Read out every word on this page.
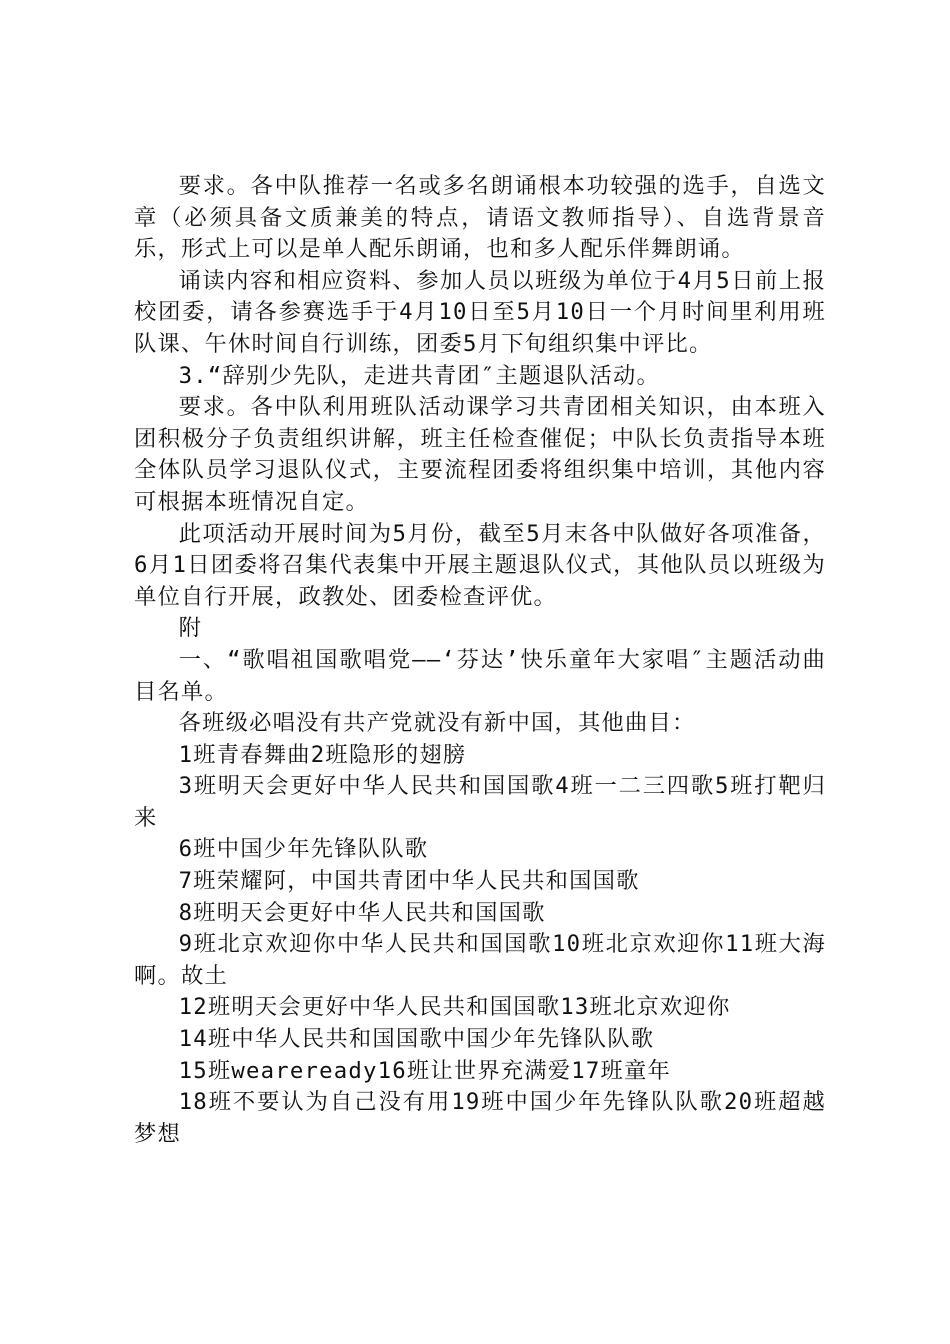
要求。各中队推荐一名或多名朗诵根本功较强的选手，自选文章（必须具备文质兼美的特点，请语文教师指导）、自选背景音乐，形式上可以是单人配乐朗诵，也和多人配乐伴舞朗诵。

诵读内容和相应资料、参加人员以班级为单位于4月5日前上报校团委，请各参赛选手于4月10日至5月10日一个月时间里利用班队课、午休时间自行训练，团委5月下旬组织集中评比。

3.“辞别少先队，走进共青团″主题退队活动。

要求。各中队利用班队活动课学习共青团相关知识，由本班入团积极分子负责组织讲解，班主任检查催促；中队长负责指导本班全体队员学习退队仪式，主要流程团委将组织集中培训，其他内容可根据本班情况自定。

此项活动开展时间为5月份，截至5月末各中队做好各项准备，6月1日团委将召集代表集中开展主题退队仪式，其他队员以班级为单位自行开展，政教处、团委检查评优。

附

一、“歌唱祖国歌唱党——‘芬达’快乐童年大家唱″主题活动曲目名单。

各班级必唱没有共产党就没有新中国，其他曲目：

1班青春舞曲2班隐形的翅膀

3班明天会更好中华人民共和国国歌4班一二三四歌5班打靶归来

6班中国少年先锋队队歌

7班荣耀阿，中国共青团中华人民共和国国歌

8班明天会更好中华人民共和国国歌

9班北京欢迎你中华人民共和国国歌10班北京欢迎你11班大海啊。故土

12班明天会更好中华人民共和国国歌13班北京欢迎你

14班中华人民共和国国歌中国少年先锋队队歌

15班weareready16班让世界充满爱17班童年

18班不要认为自己没有用19班中国少年先锋队队歌20班超越梦想
